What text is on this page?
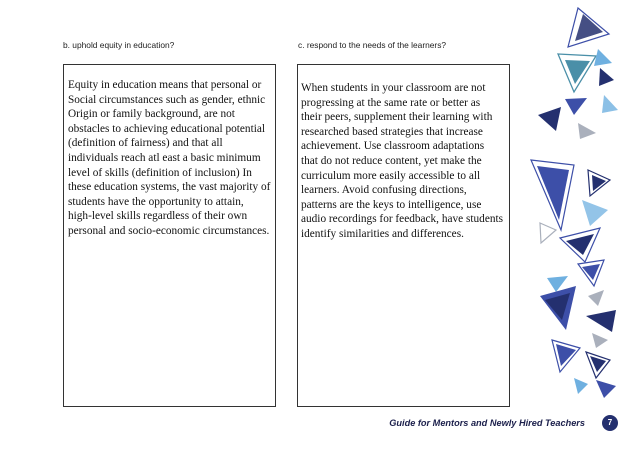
b. uphold equity in education?	c. respond to the needs of the learners?

Equity in education means that personal or
Social circumstances such as gender, ethnic
Origin or family background, are not
obstacles to achieving educational potential
(definition of fairness) and that all
individuals reach atl east a basic minimum
level of skills (definition of inclusion) In
these education systems, the vast majority of
students have the opportunity to attain,
high-level skills regardless of their own
personal and socio-economic circumstances.

When students in your classroom are not
progressing at the same rate or better as
their peers, supplement their learning with
researched based strategies that increase
achievement. Use classroom adaptations
that do not reduce content, yet make the
curriculum more easily accessible to all
learners. Avoid confusing directions,
patterns are the keys to intelligence, use
audio recordings for feedback, have students
identify similarities and differences.

Guide for Mentors and Newly Hired Teachers	7
